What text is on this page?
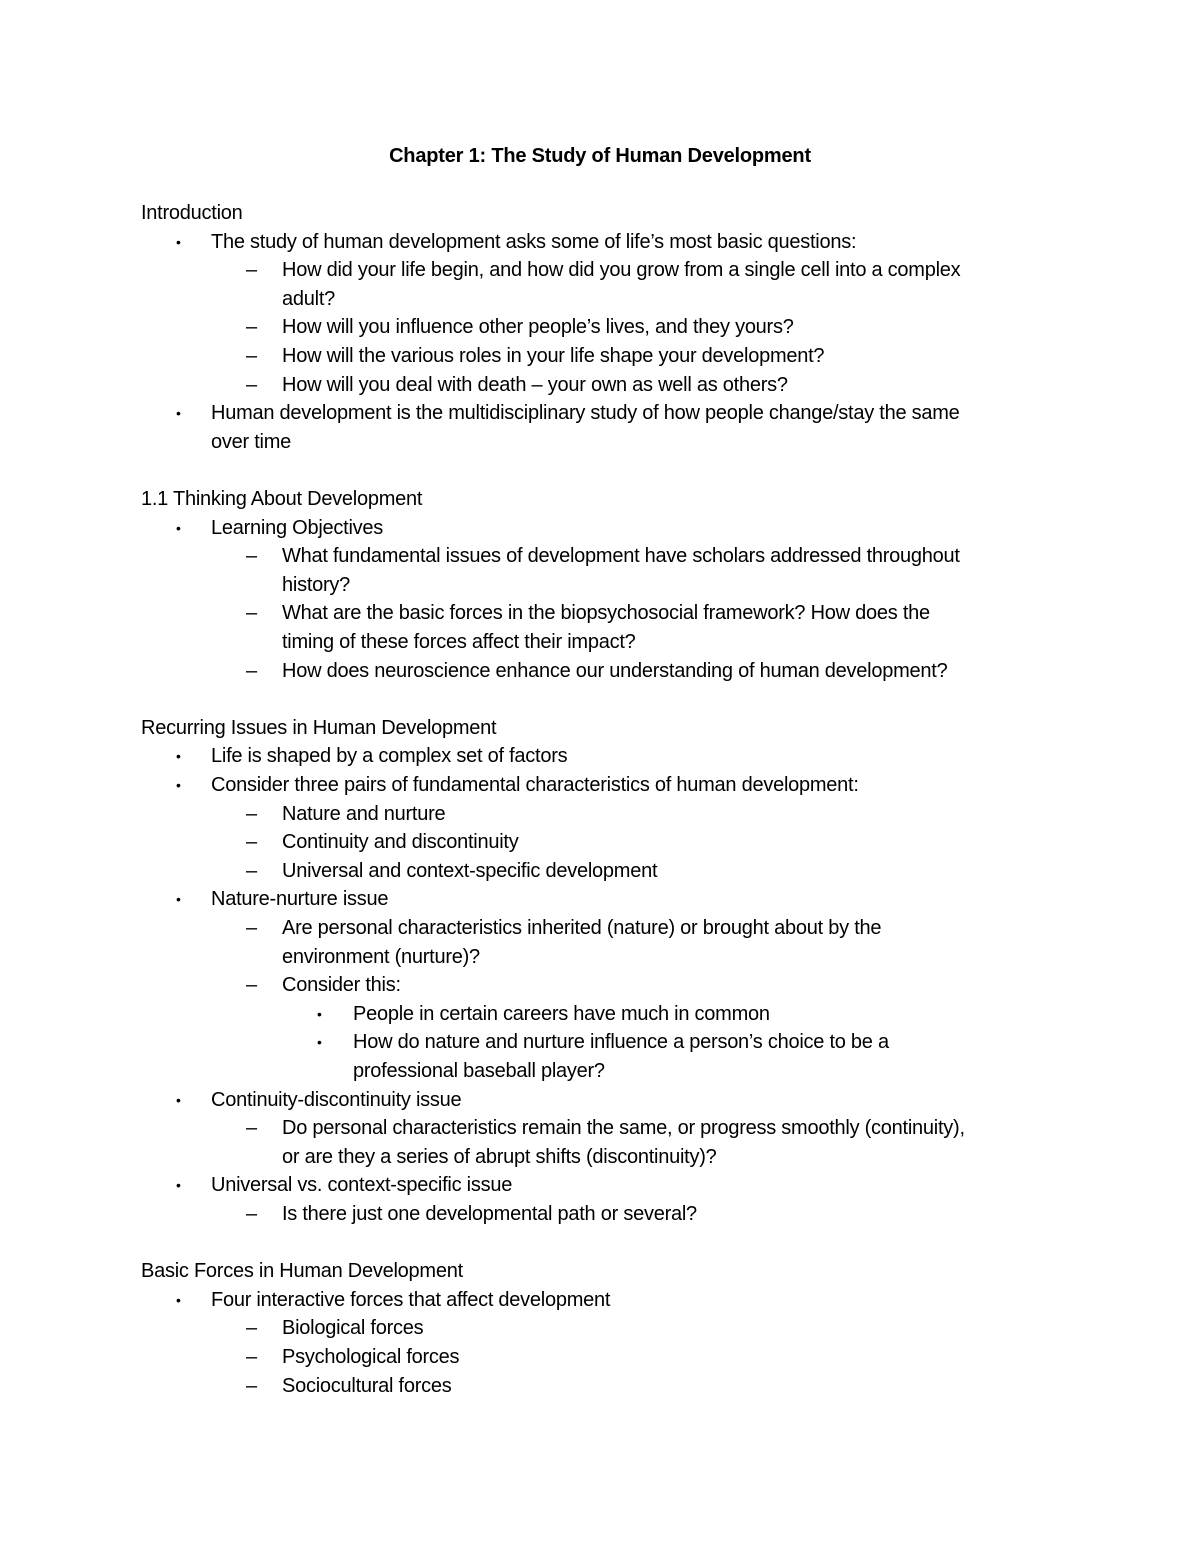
Chapter 1: The Study of Human Development
Introduction
• The study of human development asks some of life’s most basic questions:
– How did your life begin, and how did you grow from a single cell into a complex
adult?
– How will you influence other people’s lives, and they yours?
– How will the various roles in your life shape your development?
– How will you deal with death – your own as well as others?
• Human development is the multidisciplinary study of how people change/stay the same
over time
1.1 Thinking About Development
• Learning Objectives
– What fundamental issues of development have scholars addressed throughout
history?
– What are the basic forces in the biopsychosocial framework? How does the
timing of these forces affect their impact?
– How does neuroscience enhance our understanding of human development?
Recurring Issues in Human Development
• Life is shaped by a complex set of factors
• Consider three pairs of fundamental characteristics of human development:
– Nature and nurture
– Continuity and discontinuity
– Universal and context-specific development
• Nature-nurture issue
– Are personal characteristics inherited (nature) or brought about by the
environment (nurture)?
– Consider this:
• People in certain careers have much in common
• How do nature and nurture influence a person’s choice to be a
professional baseball player?
• Continuity-discontinuity issue
– Do personal characteristics remain the same, or progress smoothly (continuity),
or are they a series of abrupt shifts (discontinuity)?
• Universal vs. context-specific issue
– Is there just one developmental path or several?
Basic Forces in Human Development
• Four interactive forces that affect development
– Biological forces
– Psychological forces
– Sociocultural forces
